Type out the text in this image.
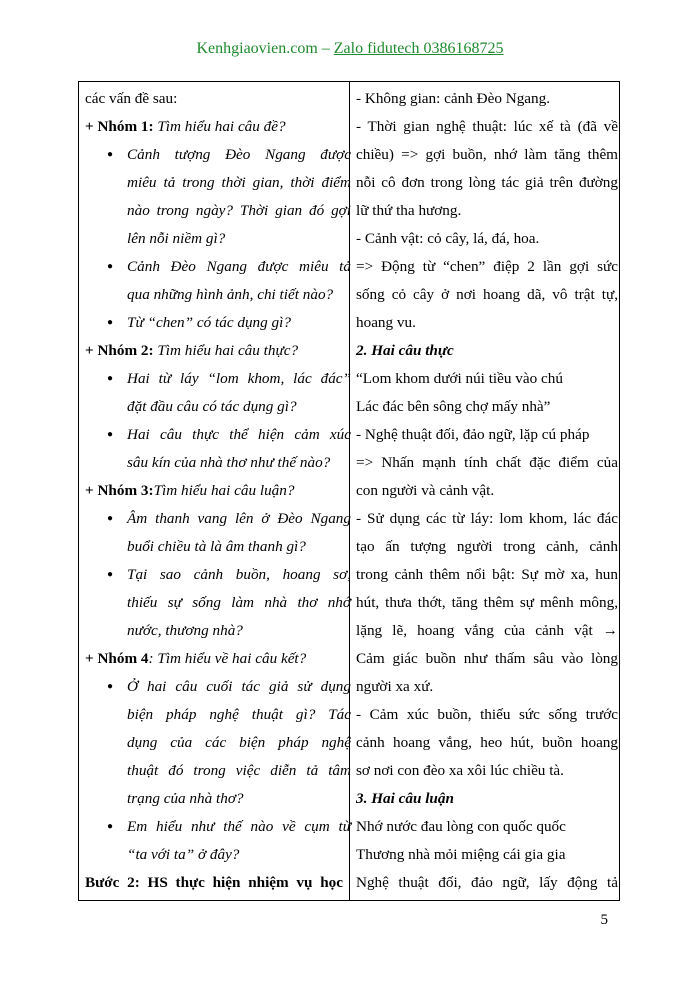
Kenhgiaovien.com – Zalo fidutech 0386168725
các vấn đề sau:
+ Nhóm 1: Tìm hiểu hai câu đề?
● Cảnh tượng Đèo Ngang được
miêu tả trong thời gian, thời điểm
nào trong ngày? Thời gian đó gợi
lên nỗi niềm gì?
● Cảnh Đèo Ngang được miêu tả
qua những hình ảnh, chi tiết nào?
● Từ “chen” có tác dụng gì?
+ Nhóm 2: Tìm hiểu hai câu thực?
● Hai từ láy “lom khom, lác đác”
đặt đầu câu có tác dụng gì?
● Hai câu thực thể hiện cảm xúc
sâu kín của nhà thơ như thế nào?
+ Nhóm 3:Tìm hiểu hai câu luận?
● Âm thanh vang lên ở Đèo Ngang
buổi chiều tà là âm thanh gì?
● Tại sao cảnh buồn, hoang sơ,
thiếu sự sống làm nhà thơ nhớ
nước, thương nhà?
+ Nhóm 4: Tìm hiểu về hai câu kết?
● Ở hai câu cuối tác giả sử dụng
biện pháp nghệ thuật gì? Tác
dụng của các biện pháp nghệ
thuật đó trong việc diễn tả tâm
trạng của nhà thơ?
● Em hiểu như thế nào về cụm từ
“ta với ta” ở đây?
Bước 2: HS thực hiện nhiệm vụ học
- Không gian: cảnh Đèo Ngang.
- Thời gian nghệ thuật: lúc xế tà (đã về
chiều) => gợi buồn, nhớ làm tăng thêm
nỗi cô đơn trong lòng tác giả trên đường
lữ thứ tha hương.
- Cảnh vật: cỏ cây, lá, đá, hoa.
=> Động từ “chen” điệp 2 lần gợi sức
sống cỏ cây ở nơi hoang dã, vô trật tự,
hoang vu.
2. Hai câu thực
“Lom khom dưới núi tiều vào chú
Lác đác bên sông chợ mấy nhà”
- Nghệ thuật đối, đảo ngữ, lặp cú pháp
=> Nhấn mạnh tính chất đặc điểm của
con người và cảnh vật.
- Sử dụng các từ láy: lom khom, lác đác
tạo ấn tượng người trong cảnh, cảnh
trong cảnh thêm nổi bật: Sự mờ xa, hun
hút, thưa thớt, tăng thêm sự mênh mông,
lặng lẽ, hoang vắng của cảnh vật →
Cảm giác buồn như thấm sâu vào lòng
người xa xứ.
- Cảm xúc buồn, thiếu sức sống trước
cảnh hoang vắng, heo hút, buồn hoang
sơ nơi con đèo xa xôi lúc chiều tà.
3. Hai câu luận
Nhớ nước đau lòng con quốc quốc
Thương nhà mỏi miệng cái gia gia
Nghệ thuật đối, đảo ngữ, lấy động tả
5
